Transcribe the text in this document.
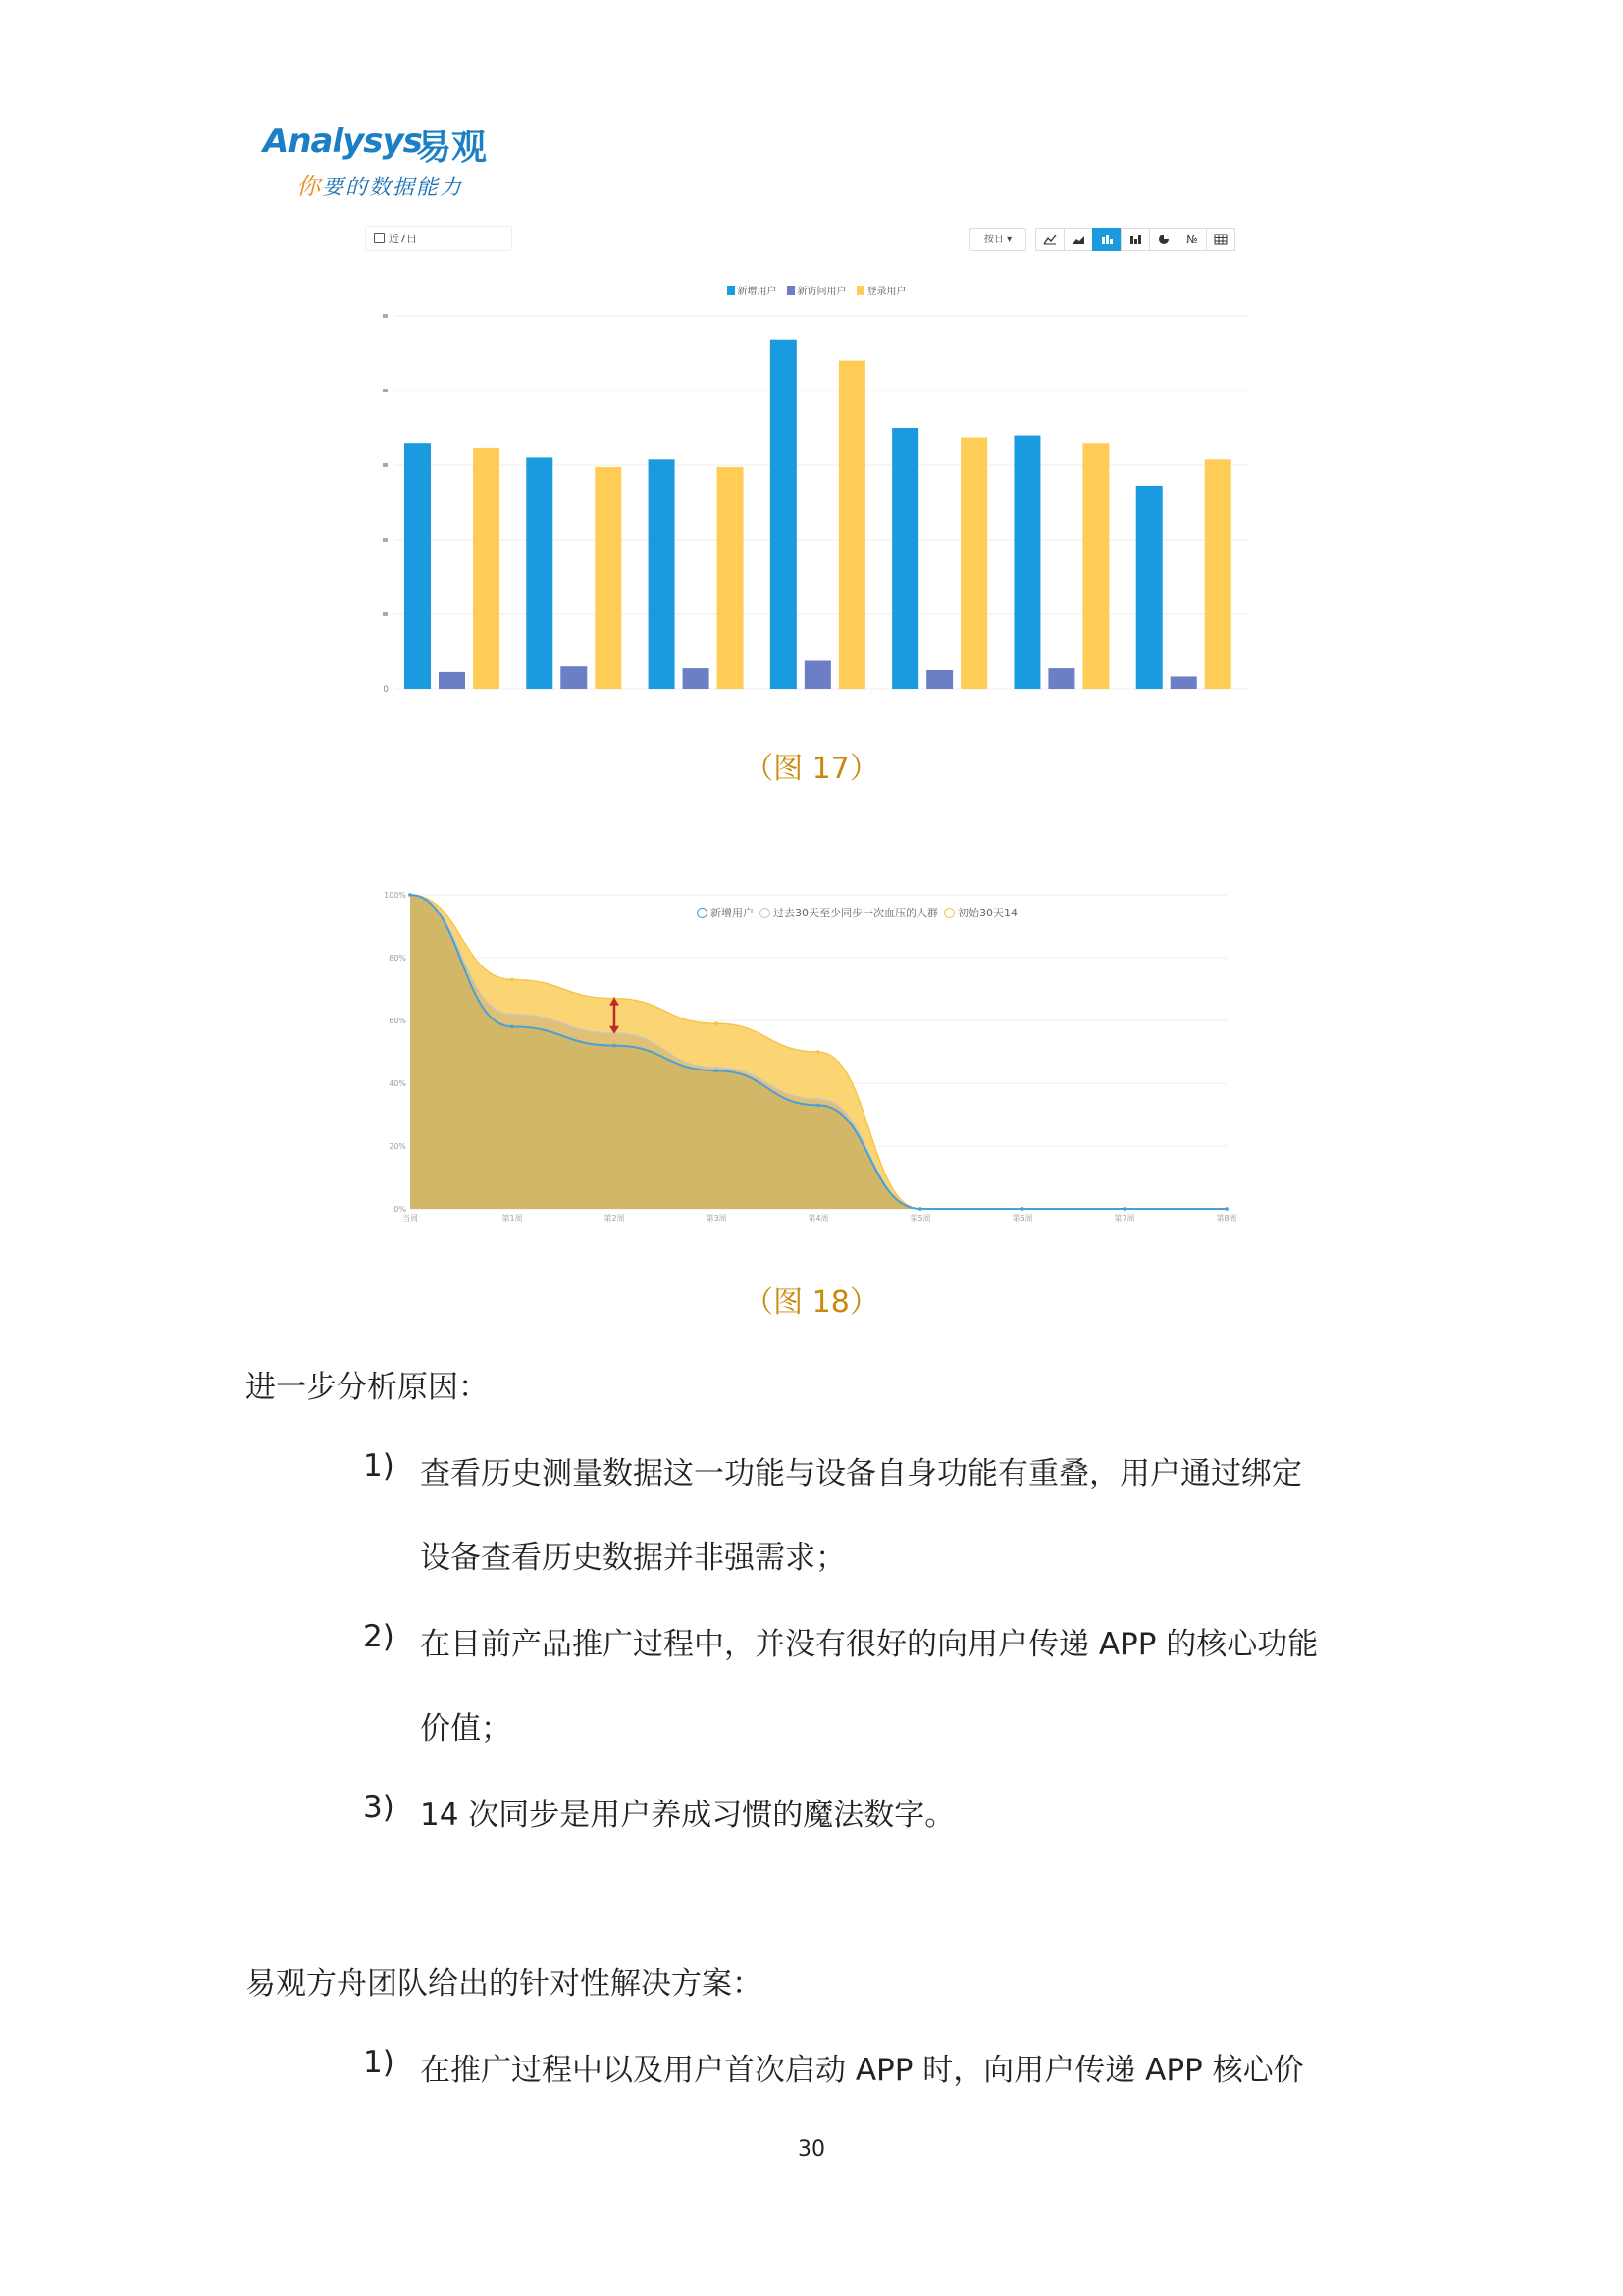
Analysys
易观
你要的数据能力
近7日	按日 ▾	№
新增用户 新访问用户 登录用户
0
（图 17）
0%
20%
40%
60%
80%
100%
当周	第1周	第2周	第3周	第4周	第5周	第6周	第7周	第8周
新增用户 过去30天至少同步一次血压的人群 初始30天14
（图 18）
进一步分析原因：
1) 查看历史测量数据这一功能与设备自身功能有重叠，用户通过绑定
设备查看历史数据并非强需求；
2) 在目前产品推广过程中，并没有很好的向用户传递 APP 的核心功能
价值；
3) 14 次同步是用户养成习惯的魔法数字。
易观方舟团队给出的针对性解决方案：
1) 在推广过程中以及用户首次启动 APP 时，向用户传递 APP 核心价
30
